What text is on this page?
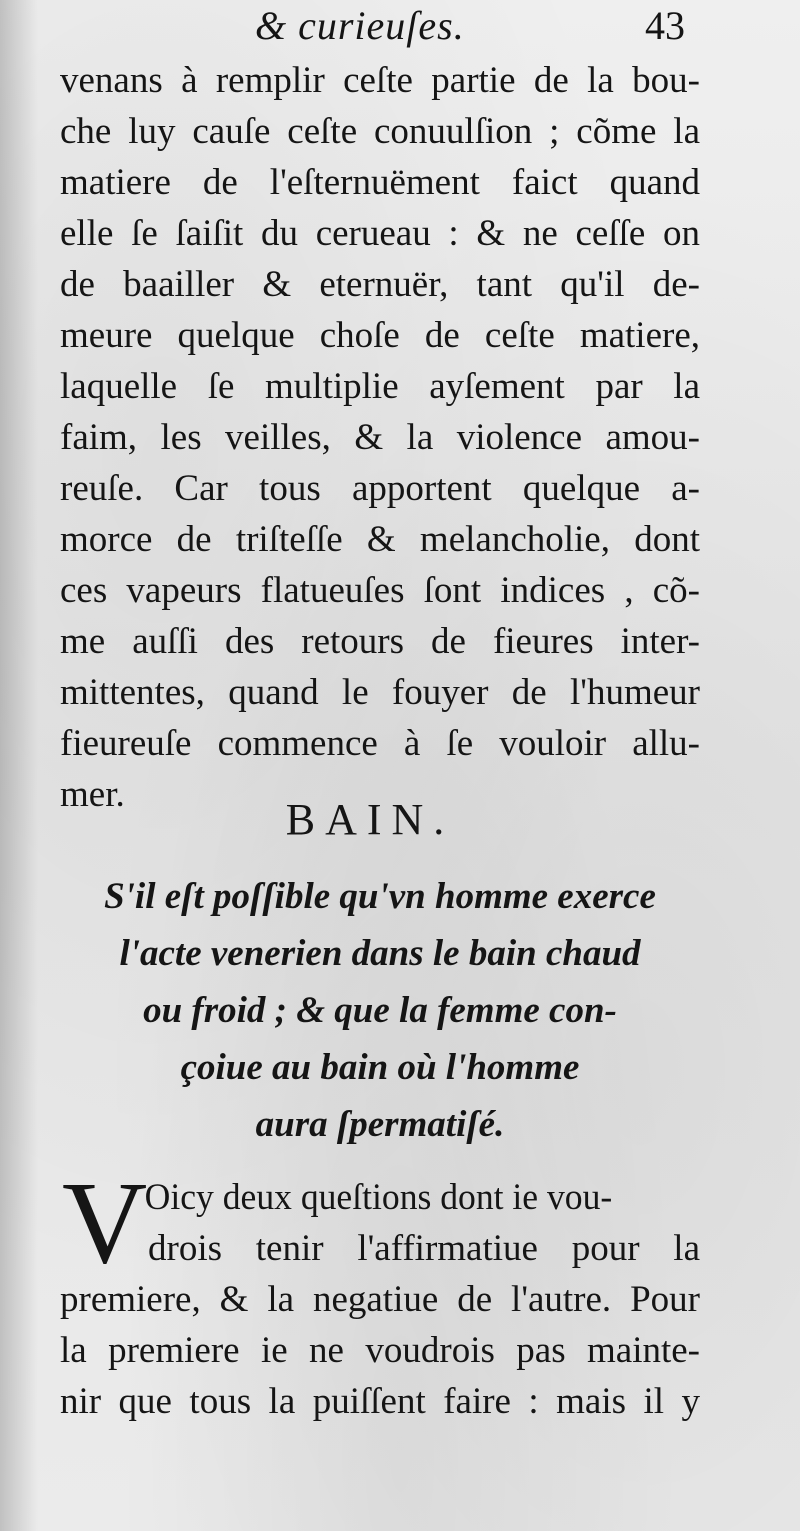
& curieuſes.	43
venans à remplir ceſte partie de la bou-
che luy cauſe ceſte conuulſion ; cõme la
matiere de l'eſternuëment faict quand
elle ſe ſaiſit du cerueau : & ne ceſſe on
de baailler & eternuër, tant qu'il de-
meure quelque choſe de ceſte matiere,
laquelle ſe multiplie ayſement par la
faim, les veilles, & la violence amou-
reuſe. Car tous apportent quelque a-
morce de triſteſſe & melancholie, dont
ces vapeurs flatueuſes ſont indices , cõ-
me auſſi des retours de fieures inter-
mittentes, quand le fouyer de l'humeur
fieureuſe commence à ſe vouloir allu-
mer.
BAIN.
S'il eſt poſſible qu'vn homme exerce
l'acte venerien dans le bain chaud
ou froid ; & que la femme con-
çoiue au bain où l'homme
aura ſpermatiſé.
V
Oicy deux queſtions dont ie vou-
drois tenir l'affirmatiue pour la
premiere, & la negatiue de l'autre. Pour
la premiere ie ne voudrois pas mainte-
nir que tous la puiſſent faire : mais il y
